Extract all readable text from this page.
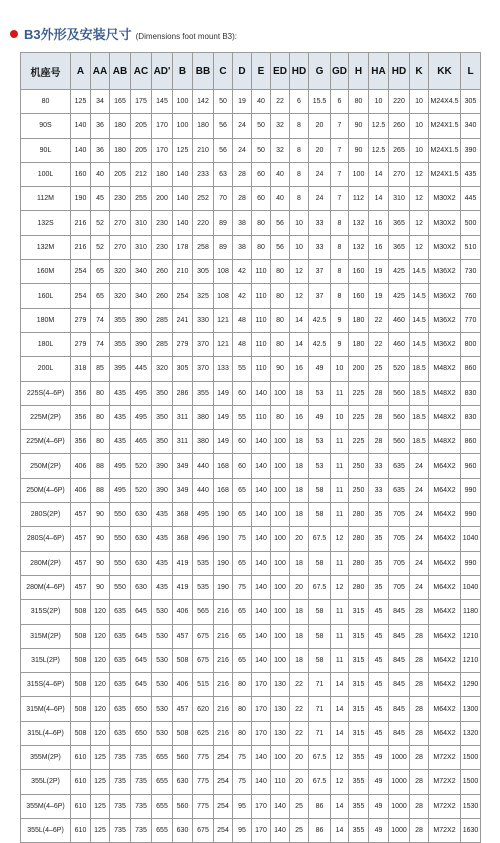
B3外形及安装尺寸 (Dimensions foot mount B3):
机座号	A	AA	AB	AC	AD'	B	BB	C	D	E	ED	HD	G	GD	H	HA	HD	K	KK	L
80	125	34	165	175	145	100	142	50	19	40	22	6	15.5	6	80	10	220	10	M24X4.5	305
90S	140	36	180	205	170	100	180	56	24	50	32	8	20	7	90	12.5	260	10	M24X1.5	340
90L	140	36	180	205	170	125	210	56	24	50	32	8	20	7	90	12.5	265	10	M24X1.5	390
100L	160	40	205	212	180	140	233	63	28	60	40	8	24	7	100	14	270	12	M24X1.5	435
112M	190	45	230	255	200	140	252	70	28	60	40	8	24	7	112	14	310	12	M30X2	445
132S	216	52	270	310	230	140	220	89	38	80	56	10	33	8	132	16	365	12	M30X2	500
132M	216	52	270	310	230	178	258	89	38	80	56	10	33	8	132	16	365	12	M30X2	510
160M	254	65	320	340	260	210	305	108	42	110	80	12	37	8	160	19	425	14.5	M36X2	730
160L	254	65	320	340	260	254	325	108	42	110	80	12	37	8	160	19	425	14.5	M36X2	760
180M	279	74	355	390	285	241	330	121	48	110	80	14	42.5	9	180	22	460	14.5	M36X2	770
180L	279	74	355	390	285	279	370	121	48	110	80	14	42.5	9	180	22	460	14.5	M36X2	800
200L	318	85	395	445	320	305	370	133	55	110	90	16	49	10	200	25	520	18.5	M48X2	860
225S(4–6P)	356	80	435	495	350	286	355	149	60	140	100	18	53	11	225	28	560	18.5	M48X2	830
225M(2P)	356	80	435	495	350	311	380	149	55	110	80	16	49	10	225	28	560	18.5	M48X2	830
225M(4–6P)	356	80	435	465	350	311	380	149	60	140	100	18	53	11	225	28	560	18.5	M48X2	860
250M(2P)	406	88	495	520	390	349	440	168	60	140	100	18	53	11	250	33	635	24	M64X2	960
250M(4–6P)	406	88	495	520	390	349	440	168	65	140	100	18	58	11	250	33	635	24	M64X2	990
280S(2P)	457	90	550	630	435	368	495	190	65	140	100	18	58	11	280	35	705	24	M64X2	990
280S(4–6P)	457	90	550	630	435	368	496	190	75	140	100	20	67.5	12	280	35	705	24	M64X2	1040
280M(2P)	457	90	550	630	435	419	535	190	65	140	100	18	58	11	280	35	705	24	M64X2	990
280M(4–6P)	457	90	550	630	435	419	535	190	75	140	100	20	67.5	12	280	35	705	24	M64X2	1040
315S(2P)	508	120	635	645	530	406	565	216	65	140	100	18	58	11	315	45	845	28	M64X2	1180
315M(2P)	508	120	635	645	530	457	675	216	65	140	100	18	58	11	315	45	845	28	M64X2	1210
315L(2P)	508	120	635	645	530	508	675	216	65	140	100	18	58	11	315	45	845	28	M64X2	1210
315S(4–6P)	508	120	635	645	530	406	515	216	80	170	130	22	71	14	315	45	845	28	M64X2	1290
315M(4–6P)	508	120	635	650	530	457	620	216	80	170	130	22	71	14	315	45	845	28	M64X2	1300
315L(4–6P)	508	120	635	650	530	508	625	216	80	170	130	22	71	14	315	45	845	28	M64X2	1320
355M(2P)	610	125	735	735	655	560	775	254	75	140	100	20	67.5	12	355	49	1000	28	M72X2	1500
355L(2P)	610	125	735	735	655	630	775	254	75	140	110	20	67.5	12	355	49	1000	28	M72X2	1500
355M(4–6P)	610	125	735	735	655	560	775	254	95	170	140	25	86	14	355	49	1000	28	M72X2	1530
355L(4–6P)	610	125	735	735	655	630	675	254	95	170	140	25	86	14	355	49	1000	28	M72X2	1630
